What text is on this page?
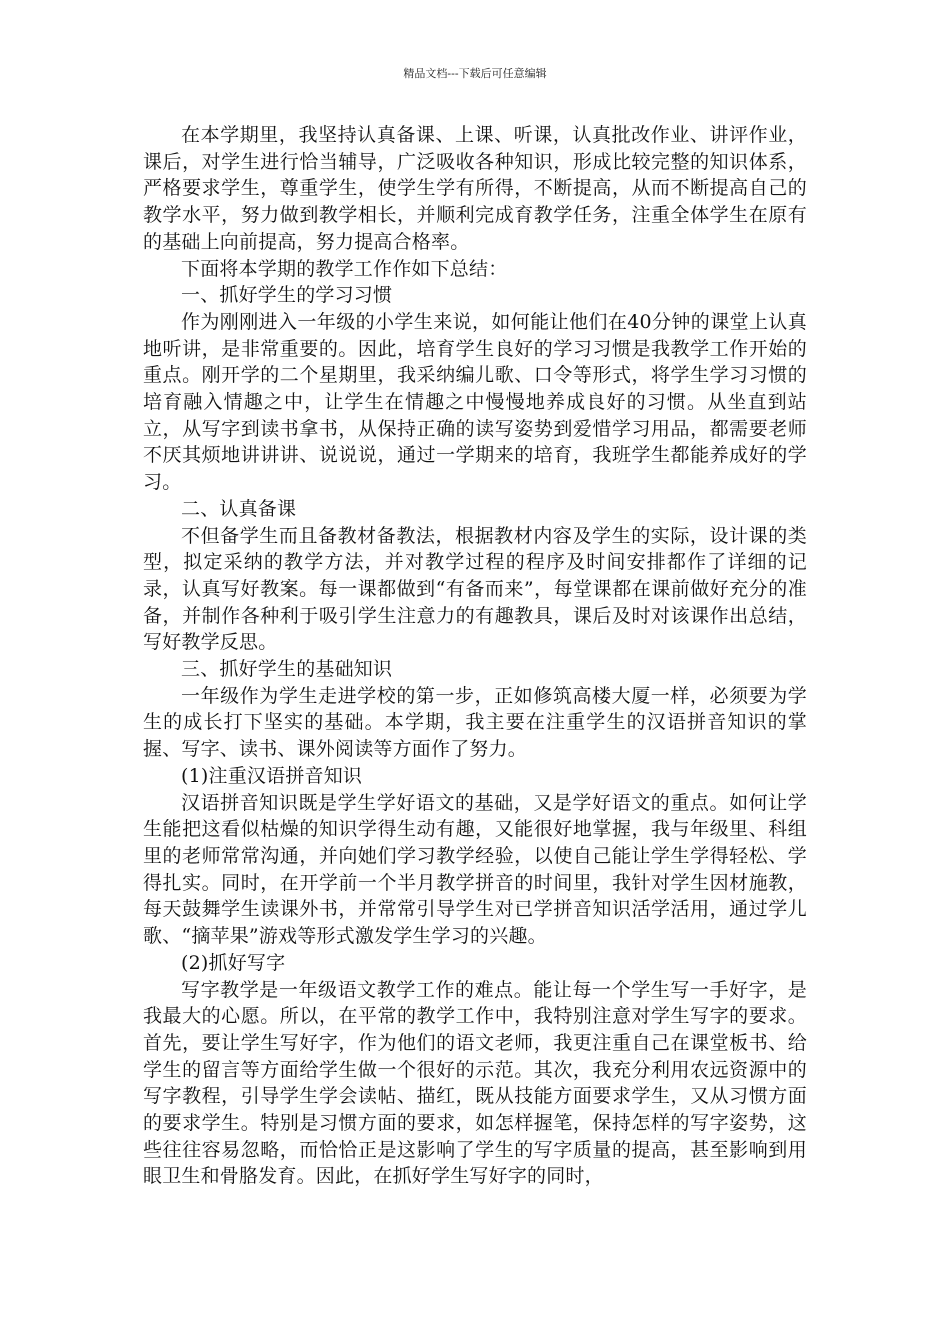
精品文档---下载后可任意编辑

在本学期里，我坚持认真备课、上课、听课，认真批改作业、讲评作业，课后，对学生进行恰当辅导，广泛吸收各种知识，形成比较完整的知识体系，严格要求学生，尊重学生，使学生学有所得，不断提高，从而不断提高自己的教学水平，努力做到教学相长，并顺利完成育教学任务，注重全体学生在原有的基础上向前提高，努力提高合格率。

下面将本学期的教学工作作如下总结：

一、抓好学生的学习习惯

作为刚刚进入一年级的小学生来说，如何能让他们在40分钟的课堂上认真地听讲，是非常重要的。因此，培育学生良好的学习习惯是我教学工作开始的重点。刚开学的二个星期里，我采纳编儿歌、口令等形式，将学生学习习惯的培育融入情趣之中，让学生在情趣之中慢慢地养成良好的习惯。从坐直到站立，从写字到读书拿书，从保持正确的读写姿势到爱惜学习用品，都需要老师不厌其烦地讲讲讲、说说说，通过一学期来的培育，我班学生都能养成好的学习。

二、认真备课

不但备学生而且备教材备教法，根据教材内容及学生的实际，设计课的类型，拟定采纳的教学方法，并对教学过程的程序及时间安排都作了详细的记录，认真写好教案。每一课都做到“有备而来”，每堂课都在课前做好充分的准备，并制作各种利于吸引学生注意力的有趣教具，课后及时对该课作出总结，写好教学反思。

三、抓好学生的基础知识

一年级作为学生走进学校的第一步，正如修筑高楼大厦一样，必须要为学生的成长打下坚实的基础。本学期，我主要在注重学生的汉语拼音知识的掌握、写字、读书、课外阅读等方面作了努力。

(1)注重汉语拼音知识

汉语拼音知识既是学生学好语文的基础，又是学好语文的重点。如何让学生能把这看似枯燥的知识学得生动有趣，又能很好地掌握，我与年级里、科组里的老师常常沟通，并向她们学习教学经验，以使自己能让学生学得轻松、学得扎实。同时，在开学前一个半月教学拼音的时间里，我针对学生因材施教，每天鼓舞学生读课外书，并常常引导学生对已学拼音知识活学活用，通过学儿歌、“摘苹果”游戏等形式激发学生学习的兴趣。

(2)抓好写字

写字教学是一年级语文教学工作的难点。能让每一个学生写一手好字，是我最大的心愿。所以，在平常的教学工作中，我特别注意对学生写字的要求。首先，要让学生写好字，作为他们的语文老师，我更注重自己在课堂板书、给学生的留言等方面给学生做一个很好的示范。其次，我充分利用农远资源中的写字教程，引导学生学会读帖、描红，既从技能方面要求学生，又从习惯方面的要求学生。特别是习惯方面的要求，如怎样握笔，保持怎样的写字姿势，这些往往容易忽略，而恰恰正是这影响了学生的写字质量的提高，甚至影响到用眼卫生和骨胳发育。因此，在抓好学生写好字的同时，
